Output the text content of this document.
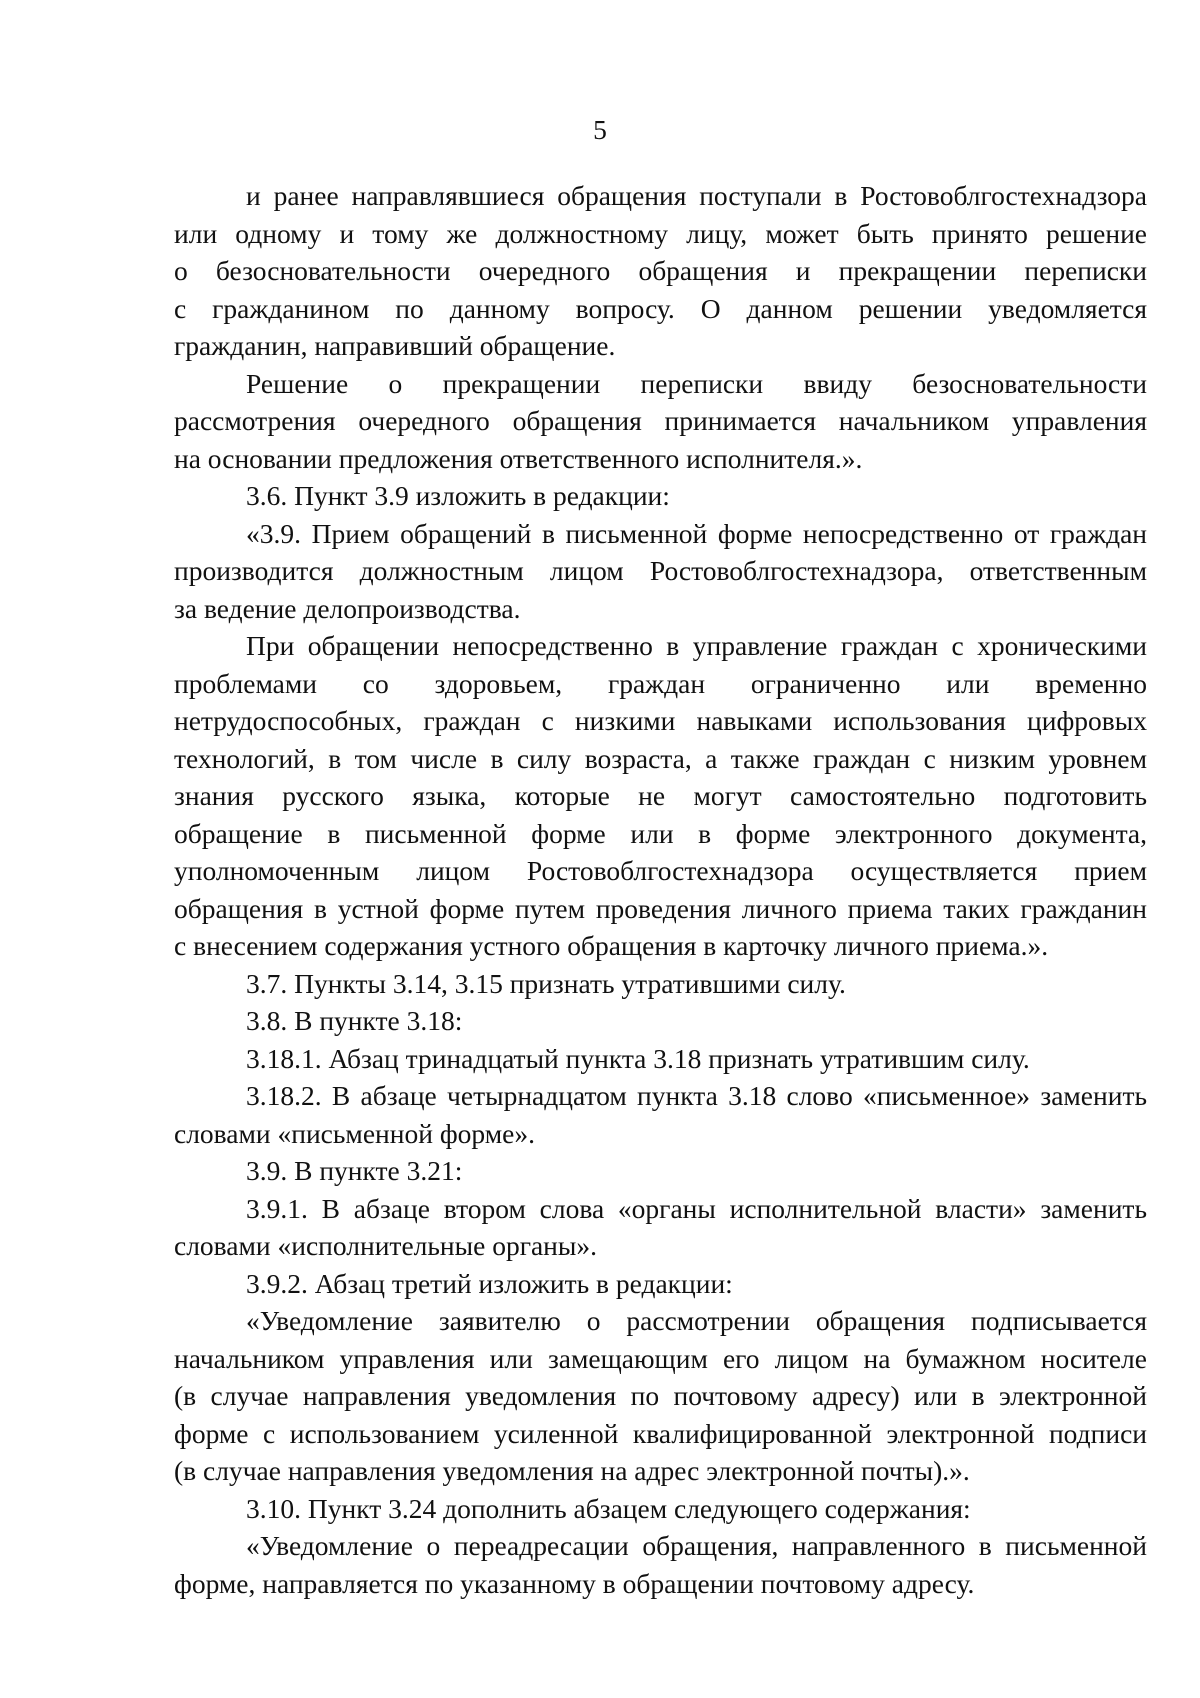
5
и ранее направлявшиеся обращения поступали в Ростовоблгостехнадзора
или одному и тому же должностному лицу, может быть принято решение
о безосновательности очередного обращения и прекращении переписки
с гражданином по данному вопросу. О данном решении уведомляется
гражданин, направивший обращение.
Решение о прекращении переписки ввиду безосновательности
рассмотрения очередного обращения принимается начальником управления
на основании предложения ответственного исполнителя.».
3.6. Пункт 3.9 изложить в редакции:
«3.9. Прием обращений в письменной форме непосредственно от граждан
производится должностным лицом Ростовоблгостехнадзора, ответственным
за ведение делопроизводства.
При обращении непосредственно в управление граждан с хроническими
проблемами со здоровьем, граждан ограниченно или временно
нетрудоспособных, граждан с низкими навыками использования цифровых
технологий, в том числе в силу возраста, а также граждан с низким уровнем
знания русского языка, которые не могут самостоятельно подготовить
обращение в письменной форме или в форме электронного документа,
уполномоченным лицом Ростовоблгостехнадзора осуществляется прием
обращения в устной форме путем проведения личного приема таких гражданин
с внесением содержания устного обращения в карточку личного приема.».
3.7. Пункты 3.14, 3.15 признать утратившими силу.
3.8. В пункте 3.18:
3.18.1. Абзац тринадцатый пункта 3.18 признать утратившим силу.
3.18.2. В абзаце четырнадцатом пункта 3.18 слово «письменное» заменить
словами «письменной форме».
3.9. В пункте 3.21:
3.9.1. В абзаце втором слова «органы исполнительной власти» заменить
словами «исполнительные органы».
3.9.2. Абзац третий изложить в редакции:
«Уведомление заявителю о рассмотрении обращения подписывается
начальником управления или замещающим его лицом на бумажном носителе
(в случае направления уведомления по почтовому адресу) или в электронной
форме с использованием усиленной квалифицированной электронной подписи
(в случае направления уведомления на адрес электронной почты).».
3.10. Пункт 3.24 дополнить абзацем следующего содержания:
«Уведомление о переадресации обращения, направленного в письменной
форме, направляется по указанному в обращении почтовому адресу.
